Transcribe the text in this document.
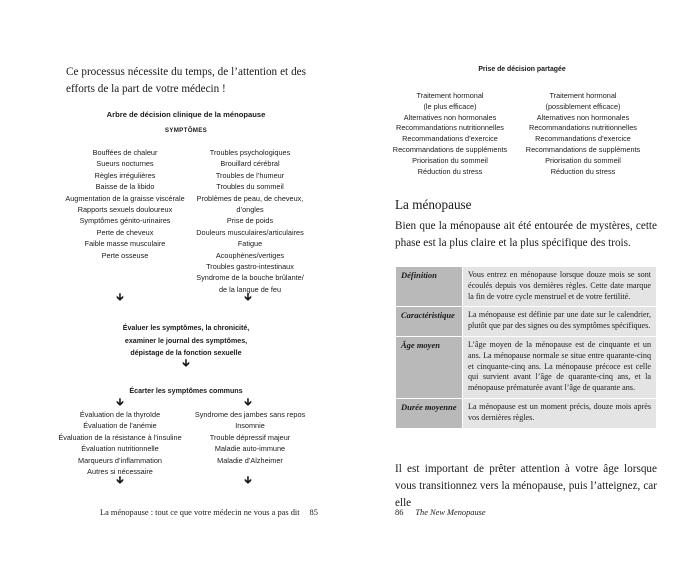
Ce processus nécessite du temps, de l’attention et des efforts de la part de votre médecin !
Arbre de décision clinique de la ménopause
SYMPTÔMES
Bouffées de chaleur
Sueurs nocturnes
Règles irrégulières
Baisse de la libido
Augmentation de la graisse viscérale
Rapports sexuels douloureux
Symptômes génito-urinaires
Perte de cheveux
Faible masse musculaire
Perte osseuse
Troubles psychologiques
Brouillard cérébral
Troubles de l’humeur
Troubles du sommeil
Problèmes de peau, de cheveux,
d’ongles
Prise de poids
Douleurs musculaires/articulaires
Fatigue
Acouphènes/vertiges
Troubles gastro-intestinaux
Syndrome de la bouche brûlante/
de la langue de feu
🡳	🡳
Évaluer les symptômes, la chronicité,
examiner le journal des symptômes,
dépistage de la fonction sexuelle
🡳
Écarter les symptômes communs
🡳	🡳
Évaluation de la thyroïde
Évaluation de l’anémie
Évaluation de la résistance à l’insuline
Évaluation nutritionnelle
Marqueurs d’inflammation
Autres si nécessaire
Syndrome des jambes sans repos
Insomnie
Trouble dépressif majeur
Maladie auto-immune
Maladie d’Alzheimer
🡳	🡳
La ménopause : tout ce que votre médecin ne vous a pas dit 85
Prise de décision partagée
Traitement hormonal
(le plus efficace)
Alternatives non hormonales
Recommandations nutritionnelles
Recommandations d’exercice
Recommandations de suppléments
Priorisation du sommeil
Réduction du stress
Traitement hormonal
(possiblement efficace)
Alternatives non hormonales
Recommandations nutritionnelles
Recommandations d’exercice
Recommandations de suppléments
Priorisation du sommeil
Réduction du stress
La ménopause
Bien que la ménopause ait été entourée de mystères, cette phase est la plus claire et la plus spécifique des trois.
Définition	Vous entrez en ménopause lorsque douze mois se sont écoulés depuis vos dernières règles. Cette date marque la fin de votre cycle menstruel et de votre fertilité.
Caractéristique	La ménopause est définie par une date sur le calendrier, plutôt que par des signes ou des symptômes spécifiques.
Âge moyen	L’âge moyen de la ménopause est de cinquante et un ans. La ménopause normale se situe entre quarante-cinq et cinquante-cinq ans. La ménopause précoce est celle qui survient avant l’âge de quarante-cinq ans, et la ménopause prématurée avant l’âge de quarante ans.
Durée moyenne	La ménopause est un moment précis, douze mois après vos dernières règles.
Il est important de prêter attention à votre âge lorsque vous transitionnez vers la ménopause, puis l’atteignez, car elle
86 The New Menopause
